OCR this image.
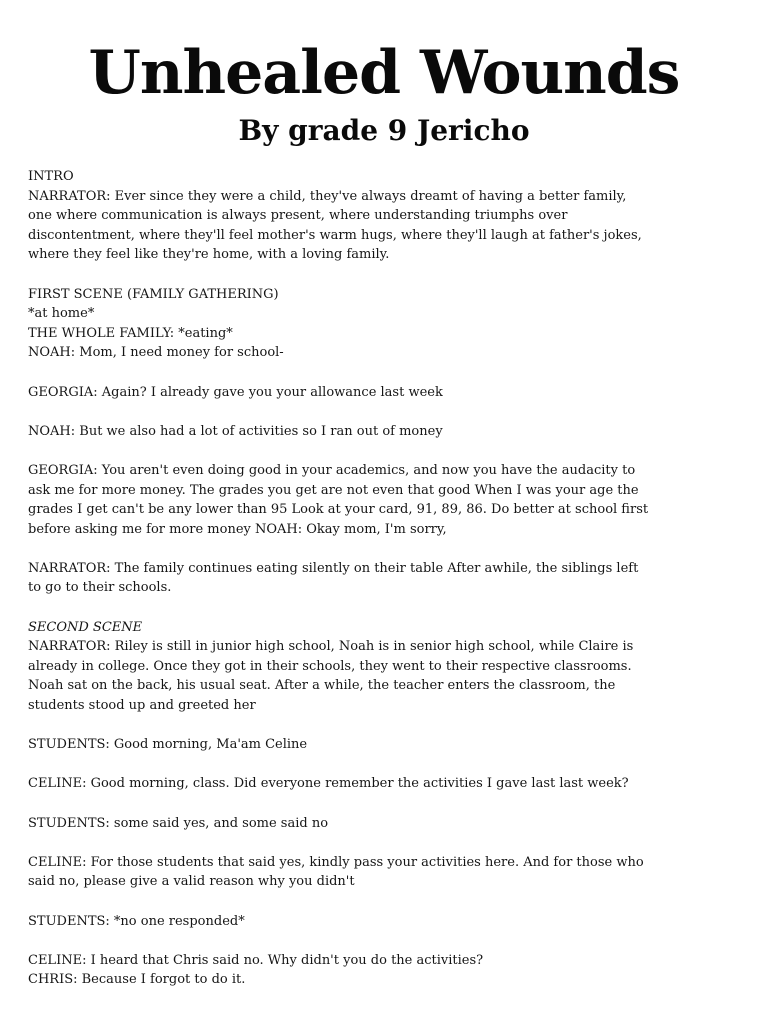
Unhealed Wounds
By grade 9 Jericho
INTRO
NARRATOR: Ever since they were a child, they've always dreamt of having a better family,
one where communication is always present, where understanding triumphs over
discontentment, where they'll feel mother's warm hugs, where they'll laugh at father's jokes,
where they feel like they're home, with a loving family.
FIRST SCENE (FAMILY GATHERING)
*at home*
THE WHOLE FAMILY: *eating*
NOAH: Mom, I need money for school-
GEORGIA: Again? I already gave you your allowance last week
NOAH: But we also had a lot of activities so I ran out of money
GEORGIA: You aren't even doing good in your academics, and now you have the audacity to
ask me for more money. The grades you get are not even that good When I was your age the
grades I get can't be any lower than 95 Look at your card, 91, 89, 86. Do better at school first
before asking me for more money NOAH: Okay mom, I'm sorry,
NARRATOR: The family continues eating silently on their table After awhile, the siblings left
to go to their schools.
SECOND SCENE
NARRATOR: Riley is still in junior high school, Noah is in senior high school, while Claire is
already in college. Once they got in their schools, they went to their respective classrooms.
Noah sat on the back, his usual seat. After a while, the teacher enters the classroom, the
students stood up and greeted her
STUDENTS: Good morning, Ma'am Celine
CELINE: Good morning, class. Did everyone remember the activities I gave last last week?
STUDENTS: some said yes, and some said no
CELINE: For those students that said yes, kindly pass your activities here. And for those who
said no, please give a valid reason why you didn't
STUDENTS: *no one responded*
CELINE: I heard that Chris said no. Why didn't you do the activities?
CHRIS: Because I forgot to do it.
